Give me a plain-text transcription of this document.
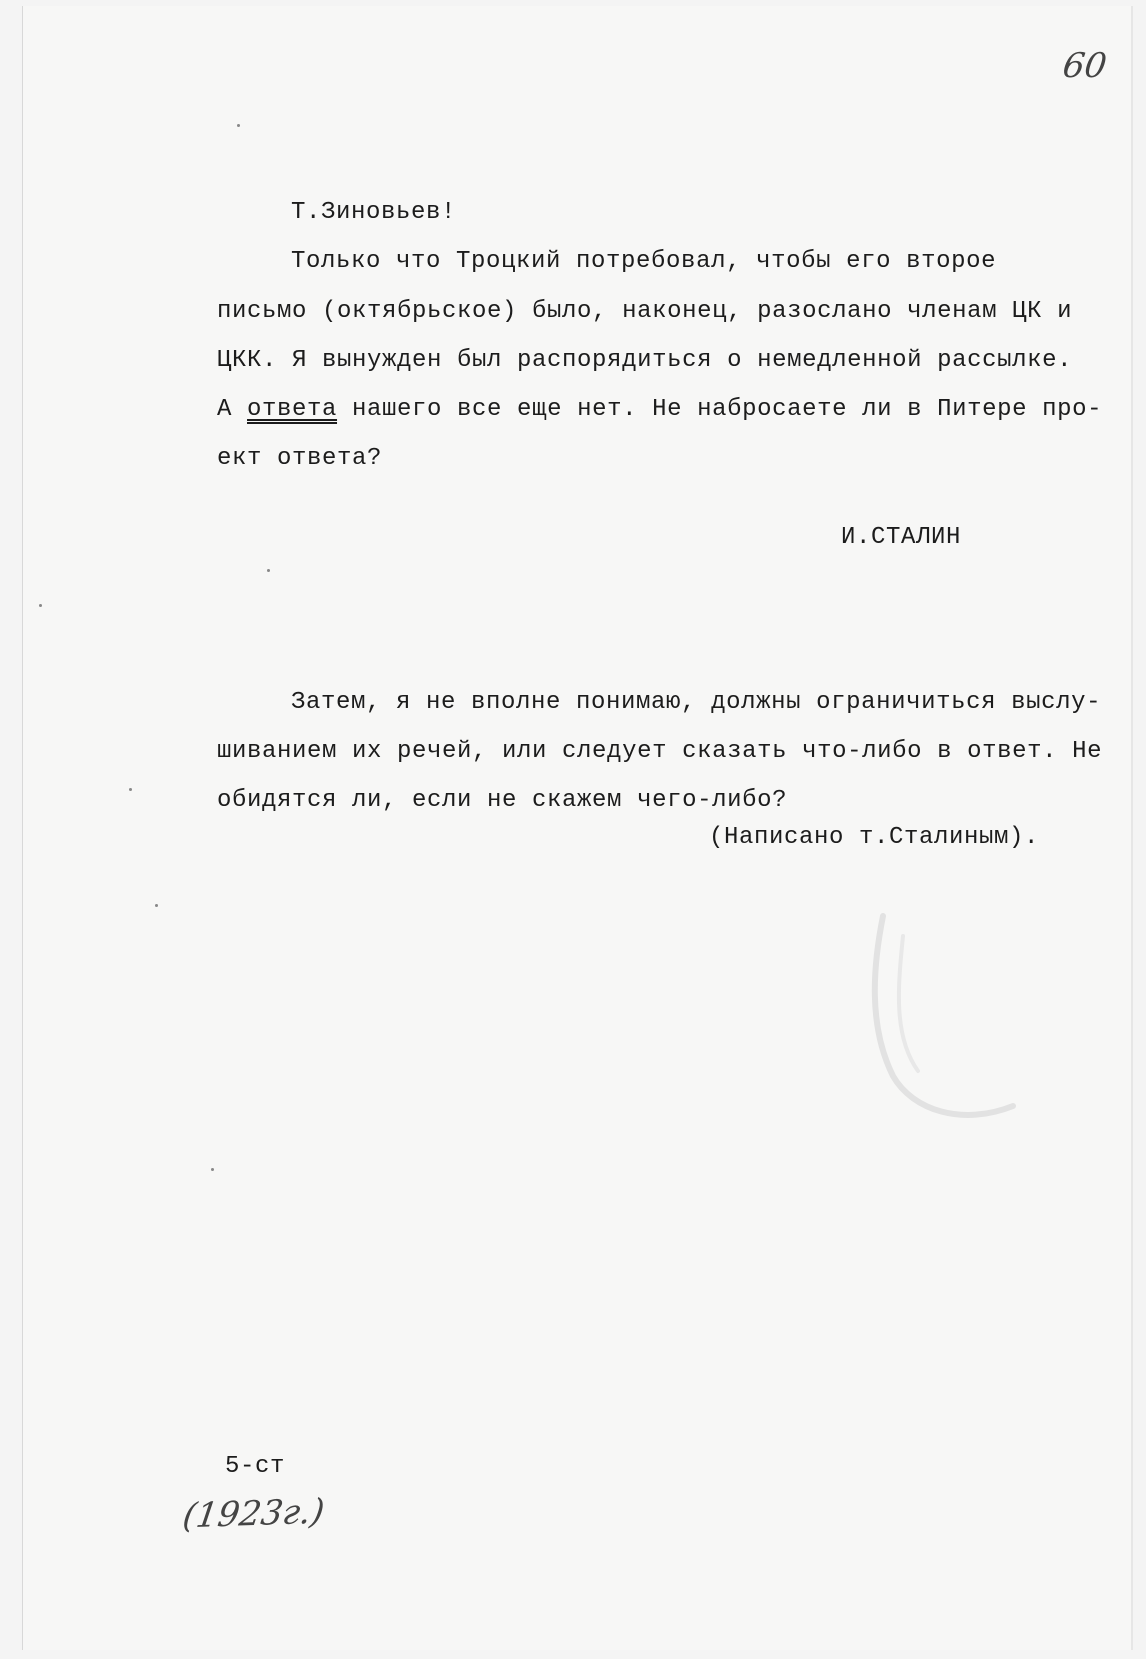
60
Т.Зиновьев!
Только что Троцкий потребовал, чтобы его второе
письмо (октябрьское) было, наконец, разослано членам ЦК и
ЦКК. Я вынужден был распорядиться о немедленной рассылке.
А ответа нашего все еще нет. Не набросаете ли в Питере про-
ект ответа?
И.СТАЛИН
Затем, я не вполне понимаю, должны ограничиться выслу-
шиванием их речей, или следует сказать что-либо в ответ. Не
обидятся ли, если не скажем чего-либо?
(Написано т.Сталиным).
5-ст
(1923г.)
